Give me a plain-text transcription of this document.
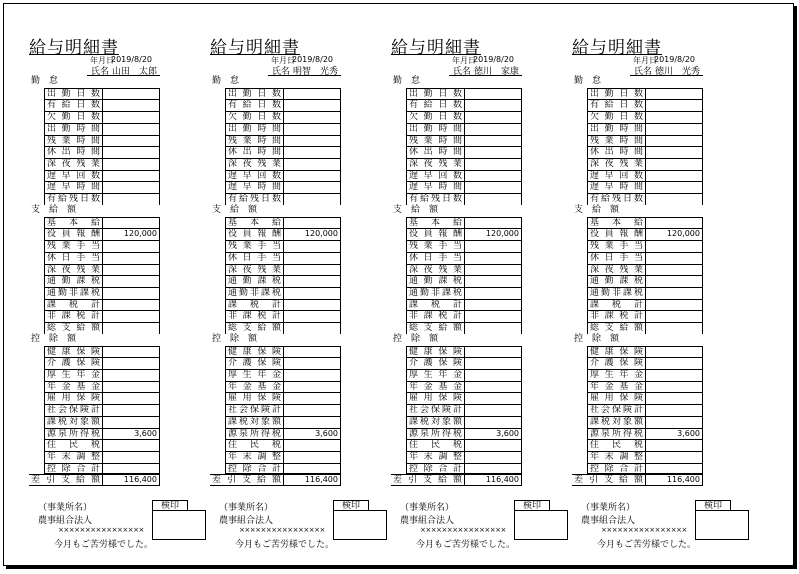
給与明細書
年月日
2019/8/20
氏名 山田　太郎
勤　怠
出勤日数
有給日数
欠勤日数
出勤時間
残業時間
休出時間
深夜残業
遅早回数
遅早時間
有給残日数
支　給　額
基本給
役員報酬	120,000
残業手当
休日手当
深夜残業
通勤課税
通勤非課税
課税計
非課税計
総支給額
控　除　額
健康保険
介護保険
厚生年金
年金基金
雇用保険
社会保険計
課税対象額
源泉所得税	3,600
住民税
年末調整
控除合計
差引支給額	116,400
（事業所名）
農事組合法人
××××××××××××××××
今月もご苦労様でした。
検印
給与明細書
年月日
2019/8/20
氏名 明智　光秀
勤　怠
出勤日数
有給日数
欠勤日数
出勤時間
残業時間
休出時間
深夜残業
遅早回数
遅早時間
有給残日数
支　給　額
基本給
役員報酬	120,000
残業手当
休日手当
深夜残業
通勤課税
通勤非課税
課税計
非課税計
総支給額
控　除　額
健康保険
介護保険
厚生年金
年金基金
雇用保険
社会保険計
課税対象額
源泉所得税	3,600
住民税
年末調整
控除合計
差引支給額	116,400
（事業所名）
農事組合法人
××××××××××××××××
今月もご苦労様でした。
検印
給与明細書
年月日
2019/8/20
氏名 徳川　家康
勤　怠
出勤日数
有給日数
欠勤日数
出勤時間
残業時間
休出時間
深夜残業
遅早回数
遅早時間
有給残日数
支　給　額
基本給
役員報酬	120,000
残業手当
休日手当
深夜残業
通勤課税
通勤非課税
課税計
非課税計
総支給額
控　除　額
健康保険
介護保険
厚生年金
年金基金
雇用保険
社会保険計
課税対象額
源泉所得税	3,600
住民税
年末調整
控除合計
差引支給額	116,400
（事業所名）
農事組合法人
××××××××××××××××
今月もご苦労様でした。
検印
給与明細書
年月日
2019/8/20
氏名 徳川　光秀
勤　怠
出勤日数
有給日数
欠勤日数
出勤時間
残業時間
休出時間
深夜残業
遅早回数
遅早時間
有給残日数
支　給　額
基本給
役員報酬	120,000
残業手当
休日手当
深夜残業
通勤課税
通勤非課税
課税計
非課税計
総支給額
控　除　額
健康保険
介護保険
厚生年金
年金基金
雇用保険
社会保険計
課税対象額
源泉所得税	3,600
住民税
年末調整
控除合計
差引支給額	116,400
（事業所名）
農事組合法人
××××××××××××××××
今月もご苦労様でした。
検印
